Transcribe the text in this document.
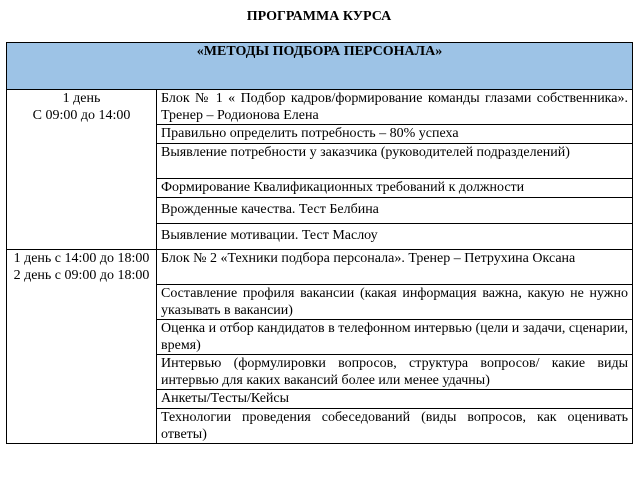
ПРОГРАММА КУРСА
«МЕТОДЫ ПОДБОРА ПЕРСОНАЛА»	

1 день
С 09:00 до 14:00	Блок № 1 « Подбор кадров/формирование команды глазами собственника». Тренер – Родионова Елена
	Правильно определить потребность – 80% успеха
	Выявление потребности у заказчика (руководителей подразделений)
	Формирование Квалификационных требований к должности
	Врожденные качества. Тест Белбина
	Выявление мотивации. Тест Маслоу

1 день с 14:00 до 18:00
2 день с 09:00 до 18:00	Блок № 2 «Техники подбора персонала». Тренер – Петрухина Оксана
	Составление профиля вакансии (какая информация важна, какую не нужно указывать в вакансии)
	Оценка и отбор кандидатов в телефонном интервью (цели и задачи, сценарии, время)
	Интервью (формулировки вопросов, структура вопросов/ какие виды интервью для каких вакансий более или менее удачны)
	Анкеты/Тесты/Кейсы
	Технологии проведения собеседований (виды вопросов, как оценивать ответы)
